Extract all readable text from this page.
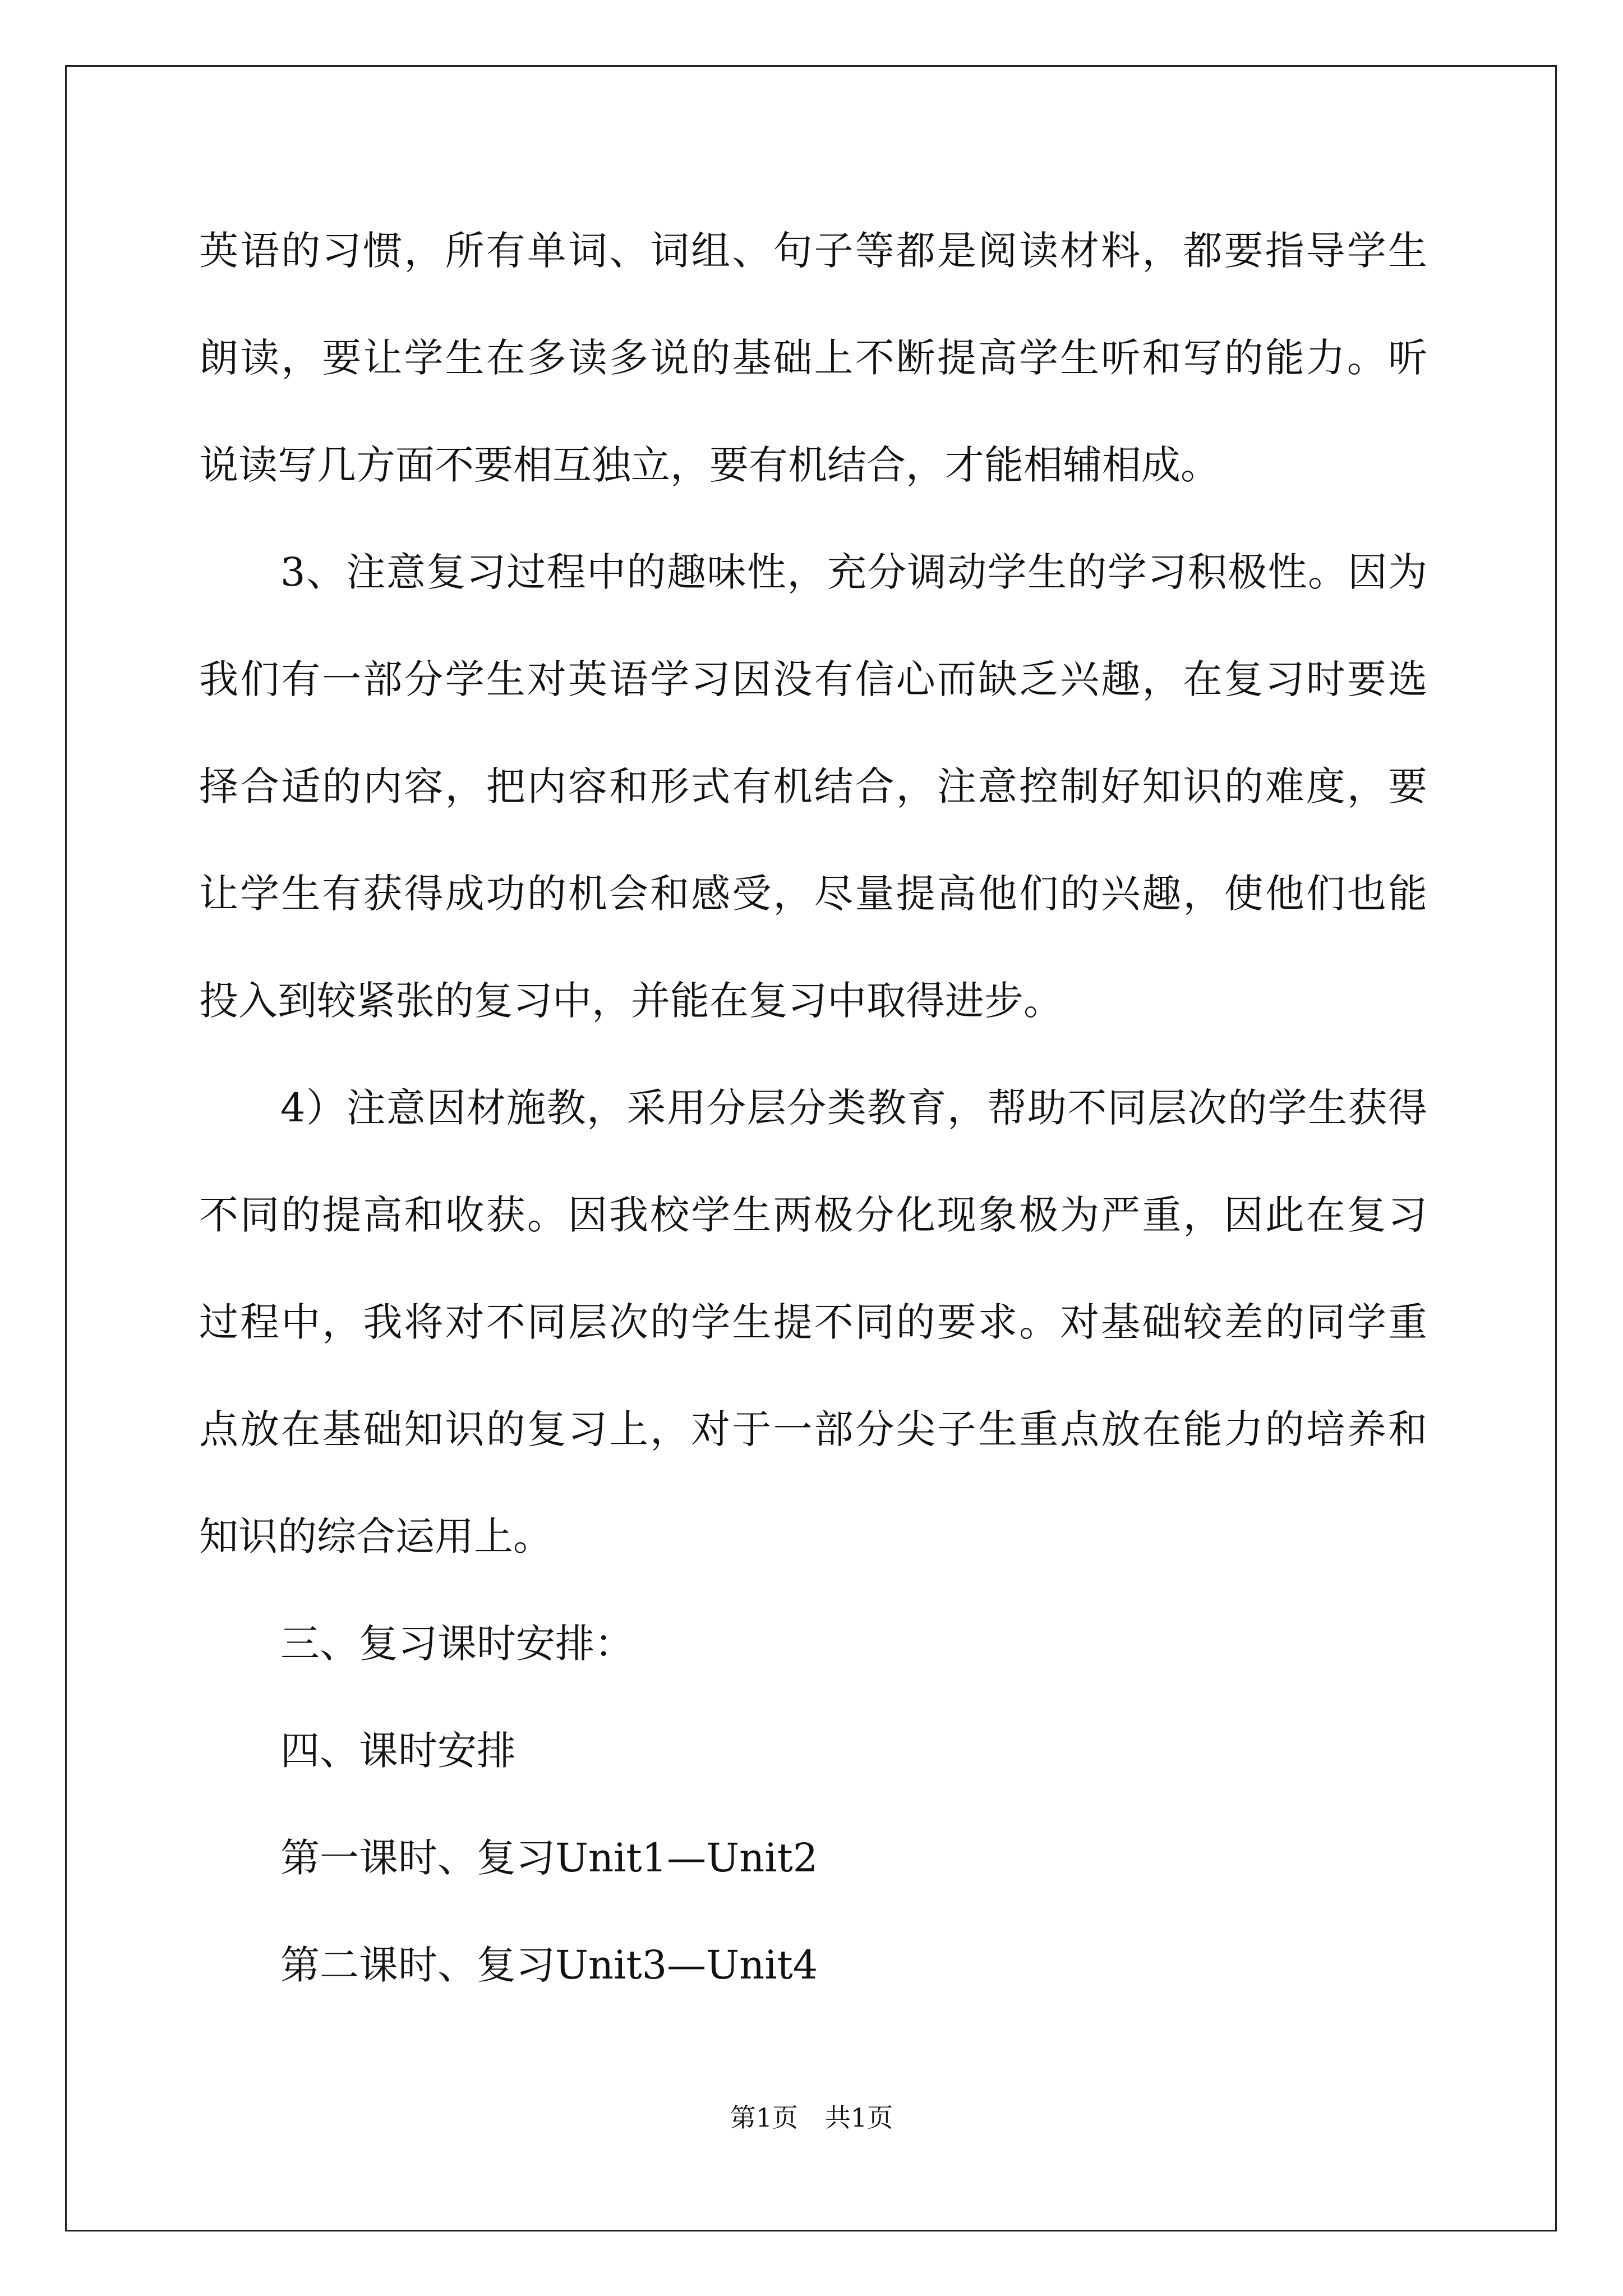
英语的习惯，所有单词、词组、句子等都是阅读材料，都要指导学生
朗读，要让学生在多读多说的基础上不断提高学生听和写的能力。听
说读写几方面不要相互独立，要有机结合，才能相辅相成。
3、注意复习过程中的趣味性，充分调动学生的学习积极性。因为
我们有一部分学生对英语学习因没有信心而缺乏兴趣，在复习时要选
择合适的内容，把内容和形式有机结合，注意控制好知识的难度，要
让学生有获得成功的机会和感受，尽量提高他们的兴趣，使他们也能
投入到较紧张的复习中，并能在复习中取得进步。
4）注意因材施教，采用分层分类教育，帮助不同层次的学生获得
不同的提高和收获。因我校学生两极分化现象极为严重，因此在复习
过程中，我将对不同层次的学生提不同的要求。对基础较差的同学重
点放在基础知识的复习上，对于一部分尖子生重点放在能力的培养和
知识的综合运用上。
三、复习课时安排：
四、课时安排
第一课时、复习Unit1—Unit2
第二课时、复习Unit3—Unit4
第1页 共1页
